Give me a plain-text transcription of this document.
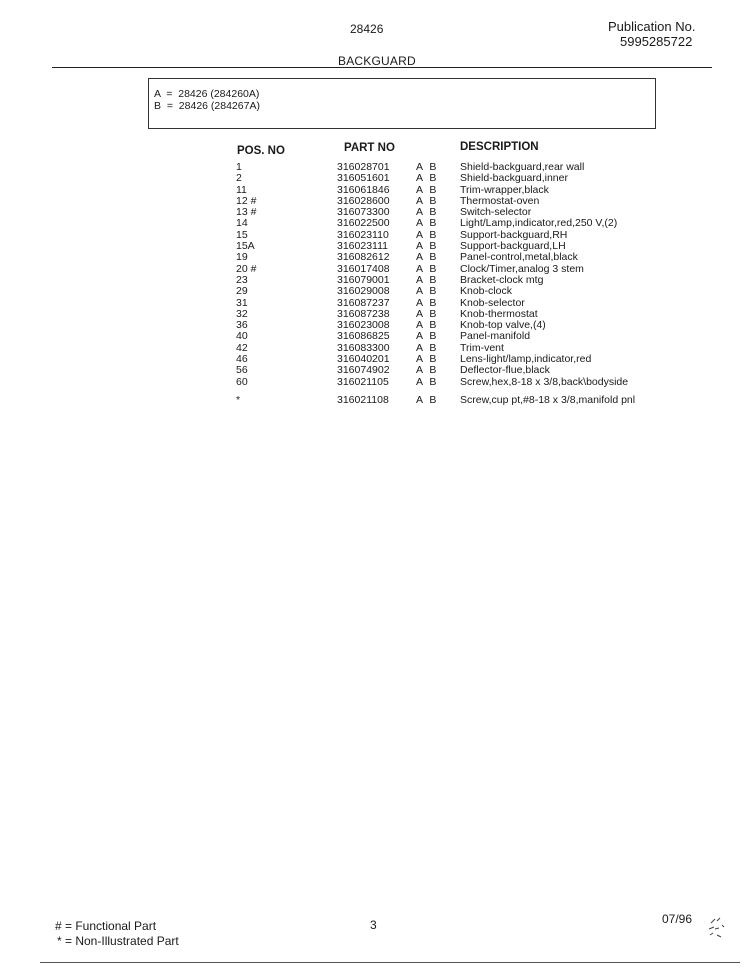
28426	Publication No.
5995285722
BACKGUARD
A  =  28426 (284260A)
B  =  28426 (284267A)
POS. NO	PART NO	DESCRIPTION
1	316028701	A B Shield-backguard,rear wall
2	316051601	A B Shield-backguard,inner
11	316061846	A B Trim-wrapper,black
12 #	316028600	A B Thermostat-oven
13 #	316073300	A B Switch-selector
14	316022500	A B Light/Lamp,indicator,red,250 V,(2)
15	316023110	A B Support-backguard,RH
15A	316023111	A B Support-backguard,LH
19	316082612	A B Panel-control,metal,black
20 #	316017408	A B Clock/Timer,analog 3 stem
23	316079001	A B Bracket-clock mtg
29	316029008	A B Knob-clock
31	316087237	A B Knob-selector
32	316087238	A B Knob-thermostat
36	316023008	A B Knob-top valve,(4)
40	316086825	A B Panel-manifold
42	316083300	A B Trim-vent
46	316040201	A B Lens-light/lamp,indicator,red
56	316074902	A B Deflector-flue,black
60	316021105	A B Screw,hex,8-18 x 3/8,back\bodyside
*	316021108	A B Screw,cup pt,#8-18 x 3/8,manifold pnl
# = Functional Part
* = Non-Illustrated Part
3	07/96
